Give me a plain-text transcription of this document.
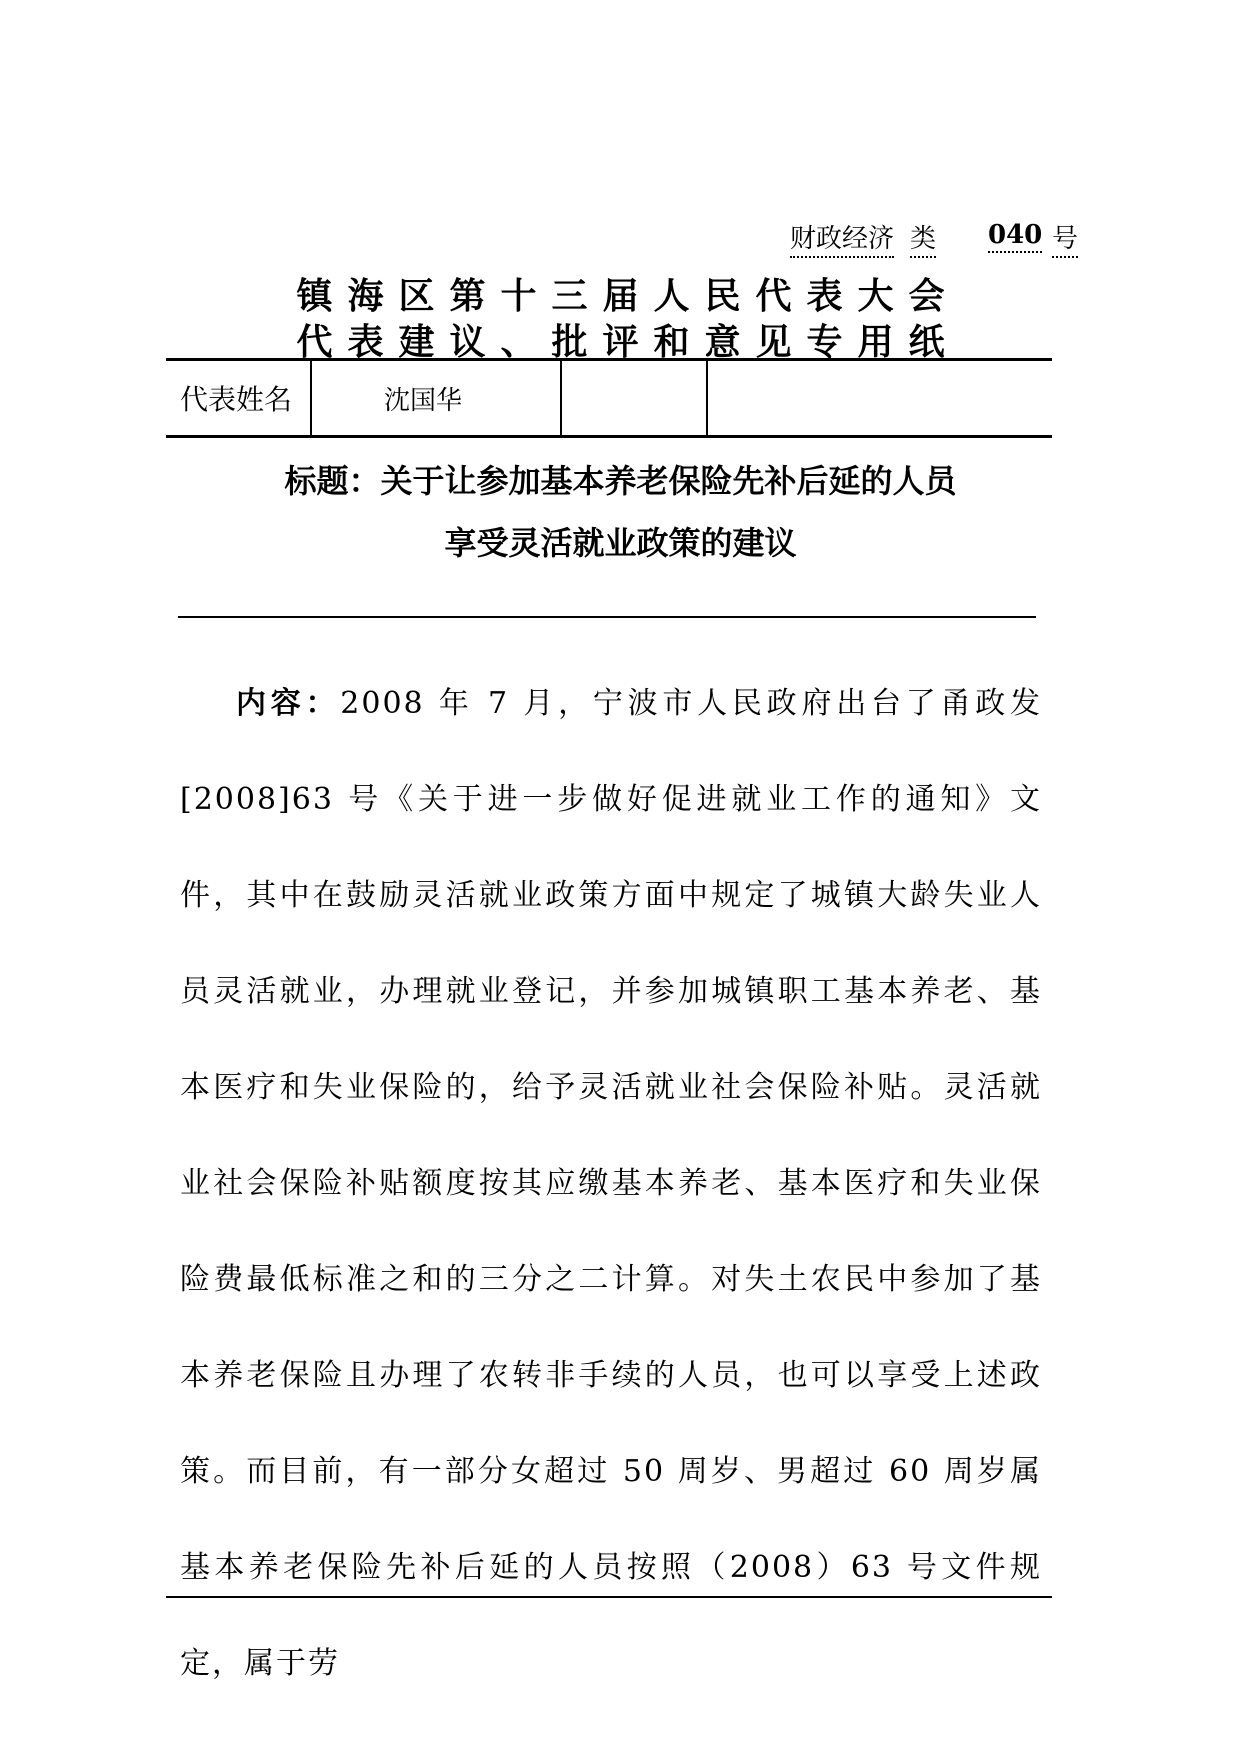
财政经济 类 040 号
镇海区第十三届人民代表大会
代表建议、批评和意见专用纸
代表姓名	沈国华
标题：关于让参加基本养老保险先补后延的人员
享受灵活就业政策的建议
内容：2008 年 7 月，宁波市人民政府出台了甬政发[2008]63 号《关于进一步做好促进就业工作的通知》文件，其中在鼓励灵活就业政策方面中规定了城镇大龄失业人员灵活就业，办理就业登记，并参加城镇职工基本养老、基本医疗和失业保险的，给予灵活就业社会保险补贴。灵活就业社会保险补贴额度按其应缴基本养老、基本医疗和失业保险费最低标准之和的三分之二计算。对失土农民中参加了基本养老保险且办理了农转非手续的人员，也可以享受上述政策。而目前，有一部分女超过 50 周岁、男超过 60 周岁属基本养老保险先补后延的人员按照（2008）63 号文件规定，属于劳
